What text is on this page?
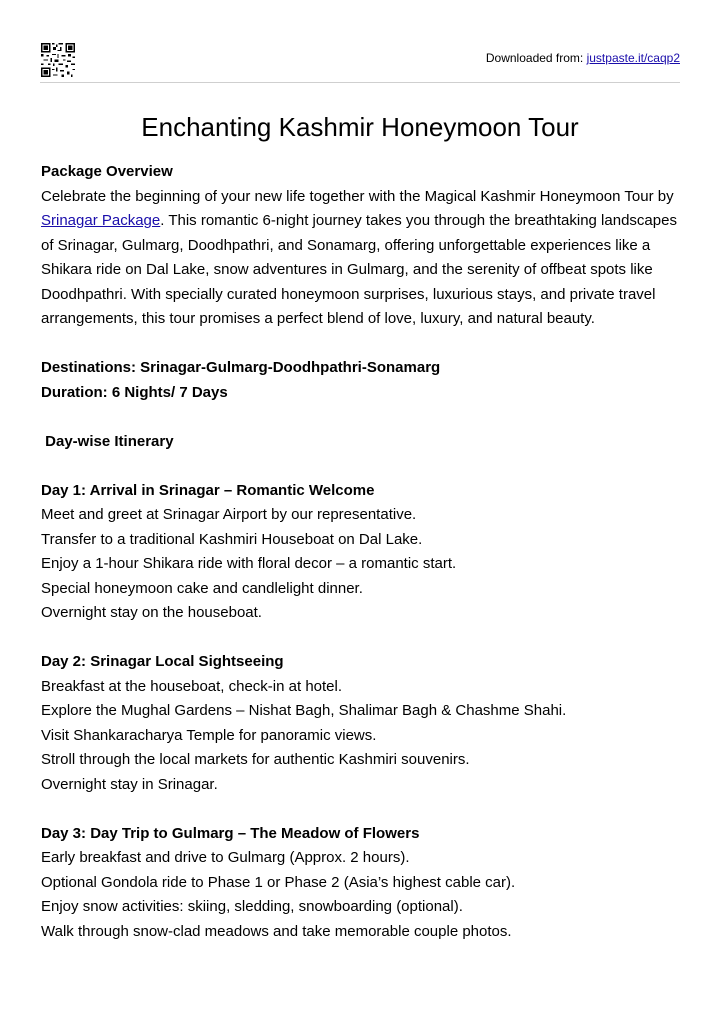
Downloaded from: justpaste.it/caqp2
Enchanting Kashmir Honeymoon Tour

Package Overview

Celebrate the beginning of your new life together with the Magical Kashmir Honeymoon Tour by Srinagar Package. This romantic 6-night journey takes you through the breathtaking landscapes of Srinagar, Gulmarg, Doodhpathri, and Sonamarg, offering unforgettable experiences like a Shikara ride on Dal Lake, snow adventures in Gulmarg, and the serenity of offbeat spots like Doodhpathri. With specially curated honeymoon surprises, luxurious stays, and private travel arrangements, this tour promises a perfect blend of love, luxury, and natural beauty.

Destinations: Srinagar-Gulmarg-Doodhpathri-Sonamarg

Duration: 6 Nights/ 7 Days

Day-wise Itinerary

Day 1: Arrival in Srinagar – Romantic Welcome

Meet and greet at Srinagar Airport by our representative.

Transfer to a traditional Kashmiri Houseboat on Dal Lake.

Enjoy a 1-hour Shikara ride with floral decor – a romantic start.

Special honeymoon cake and candlelight dinner.

Overnight stay on the houseboat.

Day 2: Srinagar Local Sightseeing

Breakfast at the houseboat, check-in at hotel.

Explore the Mughal Gardens – Nishat Bagh, Shalimar Bagh & Chashme Shahi.

Visit Shankaracharya Temple for panoramic views.

Stroll through the local markets for authentic Kashmiri souvenirs.

Overnight stay in Srinagar.

Day 3: Day Trip to Gulmarg – The Meadow of Flowers

Early breakfast and drive to Gulmarg (Approx. 2 hours).

Optional Gondola ride to Phase 1 or Phase 2 (Asia’s highest cable car).

Enjoy snow activities: skiing, sledding, snowboarding (optional).

Walk through snow-clad meadows and take memorable couple photos.
